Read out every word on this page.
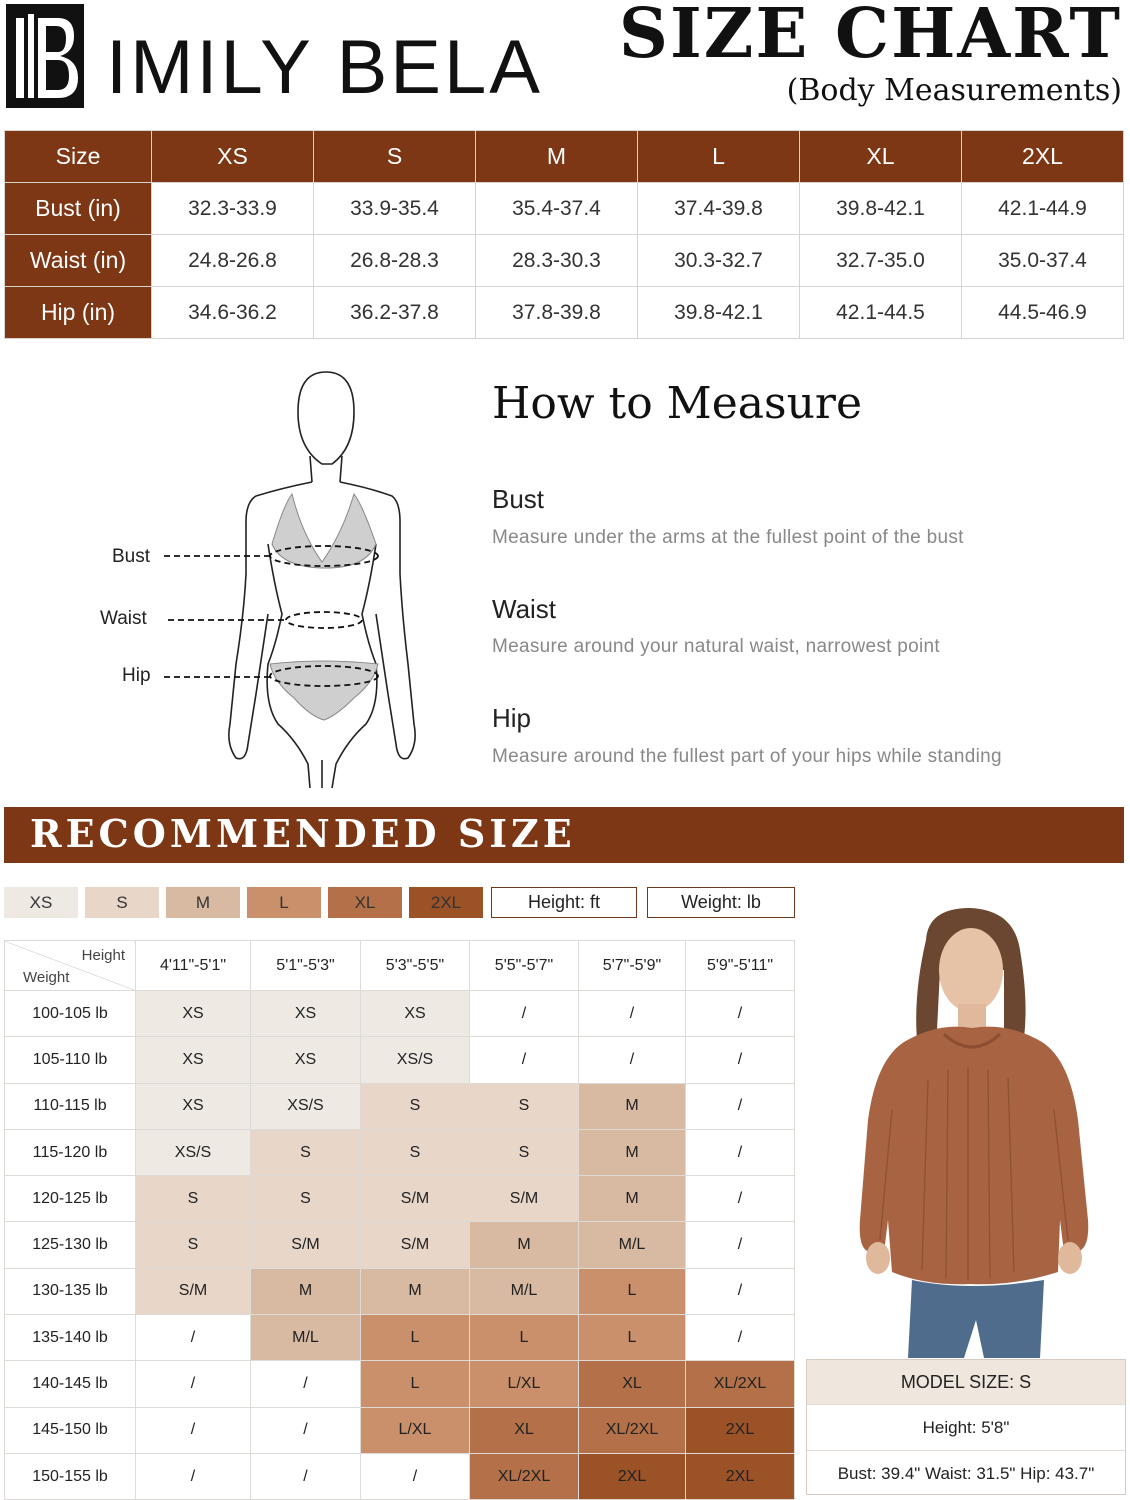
IMILY BELA SIZE CHART
(Body Measurements)
Size	XS	S	M	L	XL	2XL
Bust (in)	32.3-33.9	33.9-35.4	35.4-37.4	37.4-39.8	39.8-42.1	42.1-44.9
Waist (in)	24.8-26.8	26.8-28.3	28.3-30.3	30.3-32.7	32.7-35.0	35.0-37.4
Hip (in)	34.6-36.2	36.2-37.8	37.8-39.8	39.8-42.1	42.1-44.5	44.5-46.9
Bust
Waist
Hip
How to Measure
Bust
Measure under the arms at the fullest point of the bust
Waist
Measure around your natural waist, narrowest point
Hip
Measure around the fullest part of your hips while standing
RECOMMENDED SIZE
XS	S	M	L	XL	2XL	Height: ft	Weight: lb
Height
Weight	4'11"-5'1"	5'1"-5'3"	5'3"-5'5"	5'5"-5'7"	5'7"-5'9"	5'9"-5'11"
100-105 lb	XS	XS	XS	/	/	/
105-110 lb	XS	XS	XS/S	/	/	/
110-115 lb	XS	XS/S	S	S	M	/
115-120 lb	XS/S	S	S	S	M	/
120-125 lb	S	S	S/M	S/M	M	/
125-130 lb	S	S/M	S/M	M	M/L	/
130-135 lb	S/M	M	M	M/L	L	/
135-140 lb	/	M/L	L	L	L	/
140-145 lb	/	/	L	L/XL	XL	XL/2XL
145-150 lb	/	/	L/XL	XL	XL/2XL	2XL
150-155 lb	/	/	/	XL/2XL	2XL	2XL
MODEL SIZE: S
Height: 5'8"
Bust: 39.4" Waist: 31.5" Hip: 43.7"
